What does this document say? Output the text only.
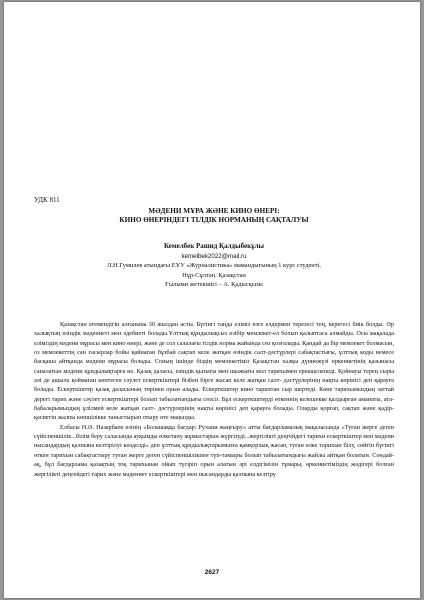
УДК 811
МӘДЕНИ МҰРА ЖӘНЕ КИНО ӨНЕРІ:
КИНО ӨНЕРІНДЕГІ ТІЛДІК НОРМАНЫҢ САҚТАЛУЫ
Кемелбек Рашид Қалдыбекұлы
kemelbek2022@mail.ru
Л.Н.Гумилев атындағы ЕҰУ «Журналистика» мамандығының 1 курс студенті,
Нұр-Сұлтан, Қазақстан
Ғылыми жетекшісі – А. Қадысқызы

Қазақстан егемендігін алғанына 30 жылдан асты. Бүгінгі таңда еліміз өзге елдермен терезесі тең, керегесі биік болды. Әр халықтың өзіндік мәдениеті мен әдебиеті болады.Ұлттық құндылықсыз өзібір мемлекет-ел болып қалыптаса алмайды. Осы мақалада еліміздің мәдени мұрасы мен кино өнері, және де сол салалағы тілдік норма жайында сөз қозғалады. Қандай да бір мемлекет болмасын, оз мемлекеттің сан ғасырлар бойы қайнаған бұзбай сақтап келе жатқан өзіндік салт-дәстүрлері сабақтастығы, ұлттық коды немесе басқаша айтқанда мәдени мұрасы болады. Соның ішінде біздің мемлекетіміз Қазақстан халқы дүниежүзі өркениетінің қазынасы саналатын мәдени құндылықтарға ие. Қазақ даласы, өзіндік қызығы мен шыжығы мол тарихымен ерекшеленеді. Қойнауы терең сыры әлі де ашыла қоймаған көптеген сәулет ескерткіштері бізбен бірге жасап келе жатқан салт- дәстүрлерінің нақты көрінісі деп қарауға болады. Ескерткіштер қазақ даласының төрінен орын алады. Ескерткіштер кино тарихтан сыр шертеді. Көне тарихымыздың заттай дерегі тарих және сәулет ескерткіштері болып табылатындығы сөзсіз. Бұл ескерткіштерді өткеннің келешекке қалдырған аманаты, ата-бабаларымыздың ұлілмей келе жатқан салт- дәстүрлерінің нақты көрінісі деп қарауға болады. Оларды қорғап, сақтап және қадір-қасиетін жалпы көпшілікке таныстырып отыру өте маңызды.

Елбасы Н.Ә. Назарбаев өзінің «Болашаққа бағдар: Рухани жаңғыру» атты бағдарламалық мақаласында «Туған жерге деген сүйіспеншілік...білім беру саласында ауқымды өлкетану жұмыстарын жүргізуді...жергілікті деңгейдегі тарихи ескерткіштер мен мәдени нысандардың қалпына келтірілуі көзделді» деп ұлттық құндылықтарымызға қамқорлық жасап, туған өлке тарихын білу, сөйтіп бүгінгі өткен тарихын сабақтастыру туған жерге деген сүйіспеншілікпен түп-тамыры болып табылатындығы жайлы айтқан болатын. Сондай-ақ, бұл бағдарлама қазақтың тоқ тарихынан ойып түсіріп орын алатын әрі елдігімізін тұмары, өркениетіміздің жәдігері болған жергілікті деңгейдегі тарих және мәдениет ескерткіштері мен нысандарды қалпына келтіру

2627
